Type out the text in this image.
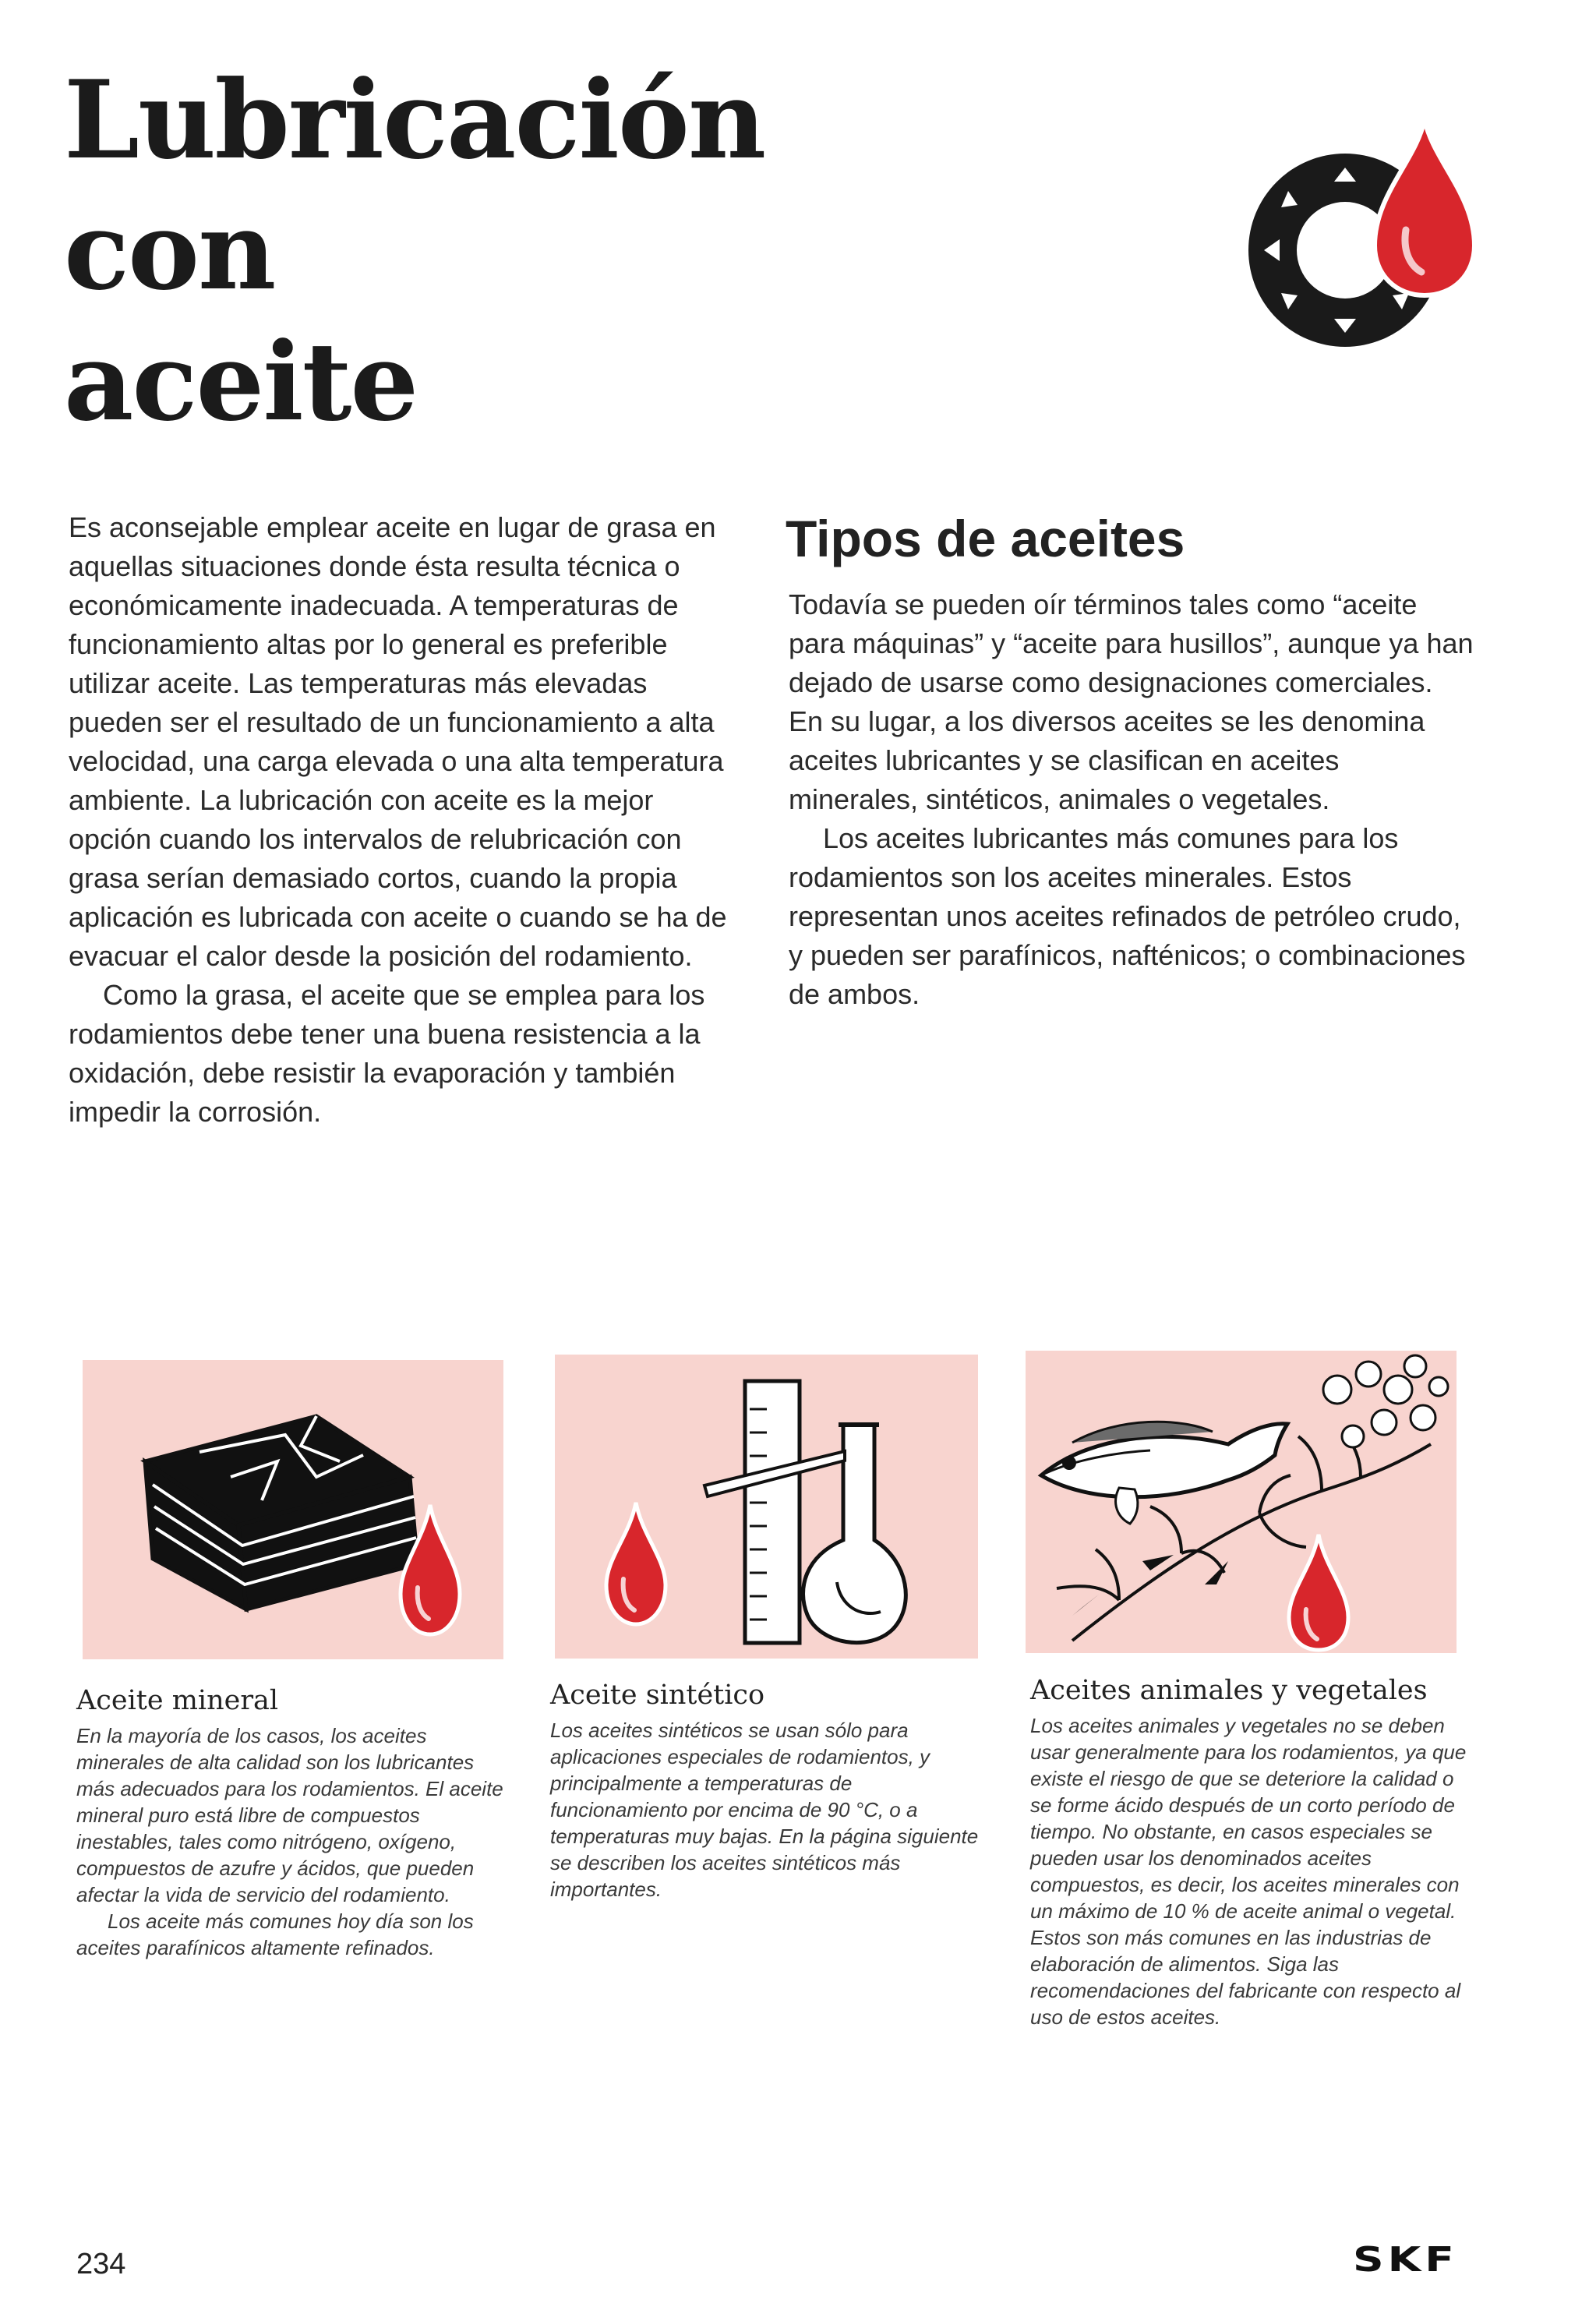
Lubricación con
aceite

Es aconsejable emplear aceite en lugar de grasa en aquellas situaciones donde ésta resulta técnica o económicamente inadecuada. A temperaturas de funcionamiento altas por lo general es preferible utilizar aceite. Las temperaturas más elevadas pueden ser el resultado de un funcionamiento a alta velocidad, una carga elevada o una alta temperatura ambiente. La lubricación con aceite es la mejor opción cuando los intervalos de relubricación con grasa serían demasiado cortos, cuando la propia aplicación es lubricada con aceite o cuando se ha de evacuar el calor desde la posición del rodamiento.

Como la grasa, el aceite que se emplea para los rodamientos debe tener una buena resistencia a la oxidación, debe resistir la evaporación y también impedir la corrosión.

Tipos de aceites

Todavía se pueden oír términos tales como “aceite para máquinas” y “aceite para husillos”, aunque ya han dejado de usarse como designaciones comerciales. En su lugar, a los diversos aceites se les denomina aceites lubricantes y se clasifican en aceites minerales, sintéticos, animales o vegetales.

Los aceites lubricantes más comunes para los rodamientos son los aceites minerales. Estos representan unos aceites refinados de petróleo crudo, y pueden ser parafínicos, nafténicos; o combinaciones de ambos.

Aceite mineral

En la mayoría de los casos, los aceites minerales de alta calidad son los lubricantes más adecuados para los rodamientos. El aceite mineral puro está libre de compuestos inestables, tales como nitrógeno, oxígeno, compuestos de azufre y ácidos, que pueden afectar la vida de servicio del rodamiento.

Los aceite más comunes hoy día son los aceites parafínicos altamente refinados.

Aceite sintético

Los aceites sintéticos se usan sólo para aplicaciones especiales de rodamientos, y principalmente a temperaturas de funcionamiento por encima de 90 °C, o a temperaturas muy bajas. En la página siguiente se describen los aceites sintéticos más importantes.

Aceites animales y vegetales

Los aceites animales y vegetales no se deben usar generalmente para los rodamientos, ya que existe el riesgo de que se deteriore la calidad o se forme ácido después de un corto período de tiempo. No obstante, en casos especiales se pueden usar los denominados aceites compuestos, es decir, los aceites minerales con un máximo de 10 % de aceite animal o vegetal. Estos son más comunes en las industrias de elaboración de alimentos. Siga las recomendaciones del fabricante con respecto al uso de estos aceites.

234	SKF
